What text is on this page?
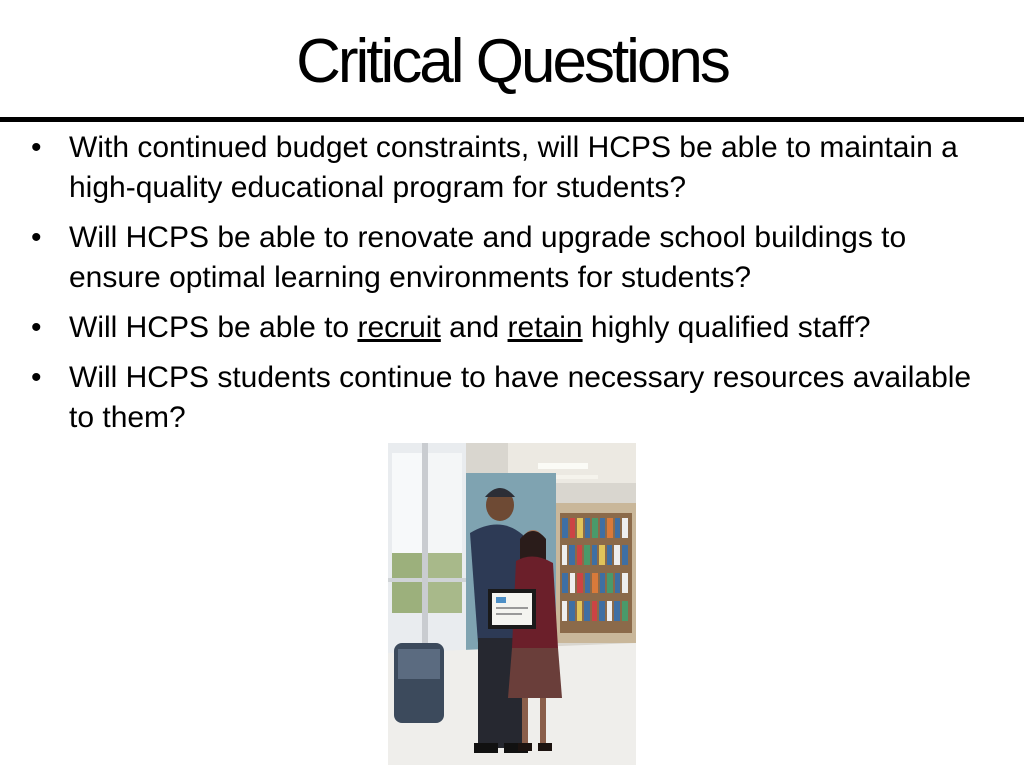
Critical Questions
• With continued budget constraints, will HCPS be able to maintain a high-quality educational program for students?
• Will HCPS be able to renovate and upgrade school buildings to ensure optimal learning environments for students?
• Will HCPS be able to recruit and retain highly qualified staff?
• Will HCPS students continue to have necessary resources available to them?
